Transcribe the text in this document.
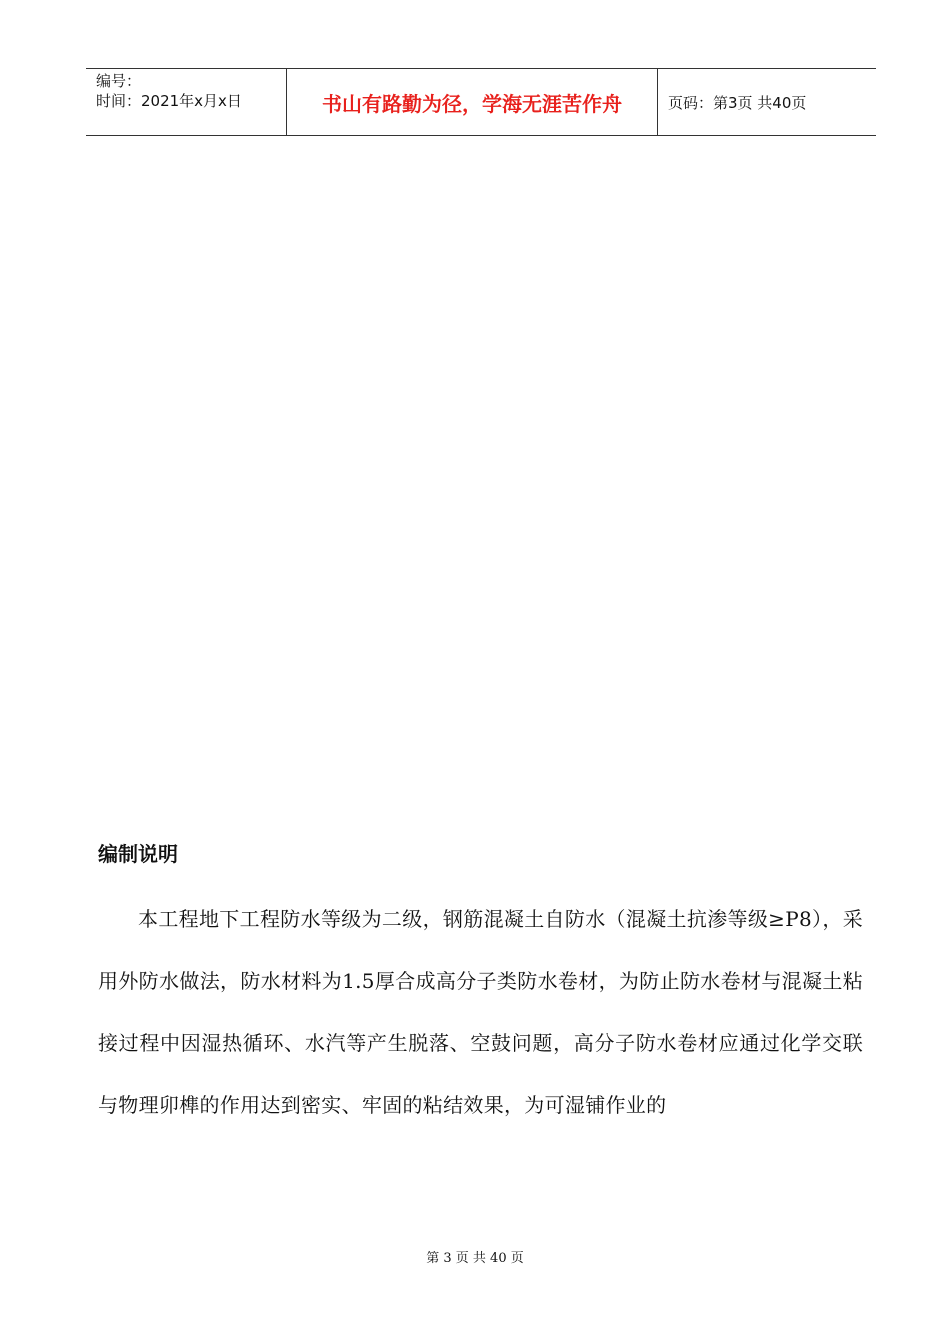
编号：
时间：2021年x月x日	书山有路勤为径，学海无涯苦作舟	页码：第3页 共40页
编制说明

本工程地下工程防水等级为二级，钢筋混凝土自防水（混凝土抗渗等级≥P8），采用外防水做法，防水材料为1.5厚合成高分子类防水卷材，为防止防水卷材与混凝土粘接过程中因湿热循环、水汽等产生脱落、空鼓问题，高分子防水卷材应通过化学交联与物理卯榫的作用达到密实、牢固的粘结效果，为可湿铺作业的

第 3 页 共 40 页
